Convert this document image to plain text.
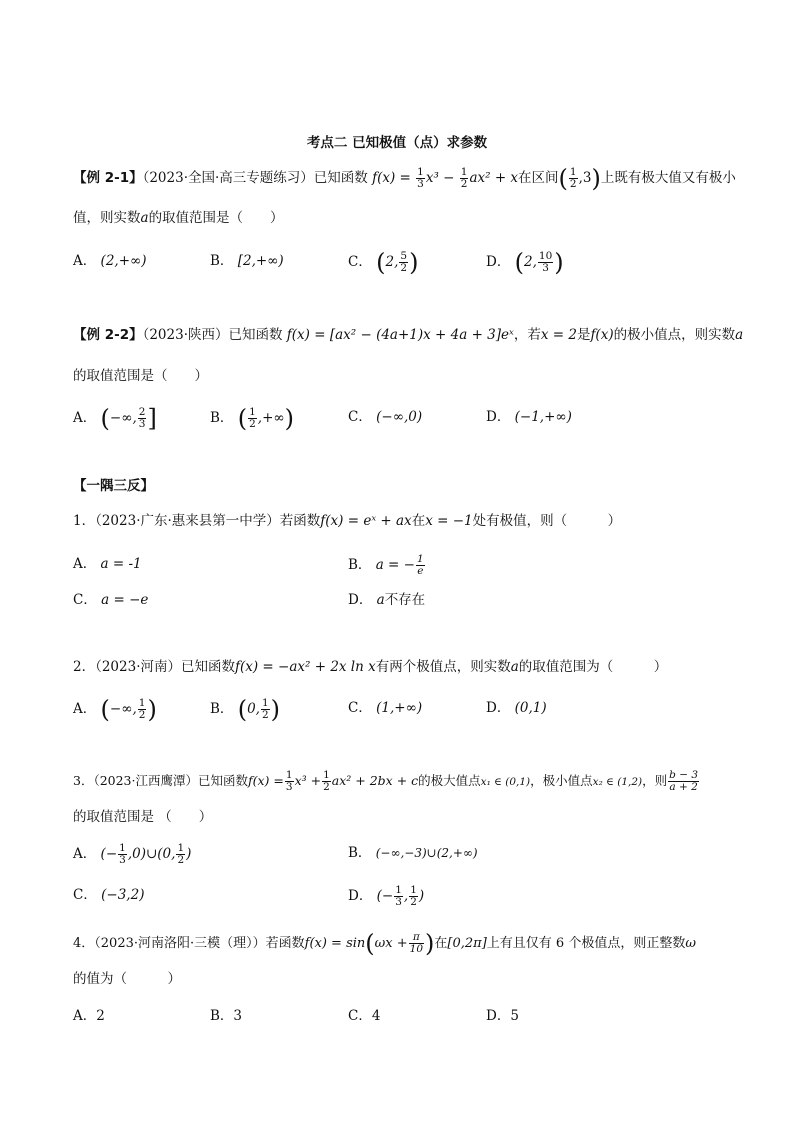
考点二 已知极值（点）求参数
【例 2-1】（2023·全国·高三专题练习）已知函数 $f(x) = \frac{1}{3} x^3 - \frac{1}{2} ax^2 + x$在区间( $\frac{1}{2} ,3$)上既有极大值又有极小
值，则实数a的取值范围是（　　）
A． (2,+∞)	B． [2,+∞)	C． (2, $\frac{5}{2}$ )	D． (2, $\frac{10}{3}$ )
【例 2-2】（2023·陕西）已知函数 f(x) = [ax² − (4a+1)x + 4a + 3]eˣ，若x = 2是f(x)的极小值点，则实数a
的取值范围是（　　）
A． (−∞, $\frac{2}{3}$ ]	B． ( $\frac{1}{2}$ ,+∞)	C． (−∞,0)	D． (−1,+∞)
【一隅三反】
1．（2023·广东·惠来县第一中学）若函数f(x) = eˣ + ax在x = −1处有极值，则（　　　）
A． a = -1	B． a = − $\frac{1}{e}$
C． a = −e	D． a不存在
2．（2023·河南）已知函数f(x) = −ax² + 2x ln x有两个极值点，则实数a的取值范围为（　　　）
A． (−∞, $\frac{1}{2}$ )	B． (0, $\frac{1}{2}$ )	C． (1,+∞)	D． (0,1)
3．（2023·江西鹰潭）已知函数$f(x) = \frac{1}{3} x^3 + \frac{1}{2} ax^2 + 2bx + c$的极大值点x₁ ∈ (0,1)，极小值点x₂ ∈ (1,2)，则 $\frac{b - 3}{a + 2}$
的取值范围是 （　　）
A． (− $\frac{1}{3}$ ,0)∪(0, $\frac{1}{2}$ )	B． (−∞,−3)∪(2,+∞)
C． (−3,2)	D． (− $\frac{1}{3}$ , $\frac{1}{2}$ )
4．（2023·河南洛阳·三模（理））若函数$f(x) = \sin(\omega x + \frac{\pi}{10}$ )在[0,2π]上有且仅有 6 个极值点，则正整数ω
的值为（　　　）
A．2	B．3	C．4	D．5
